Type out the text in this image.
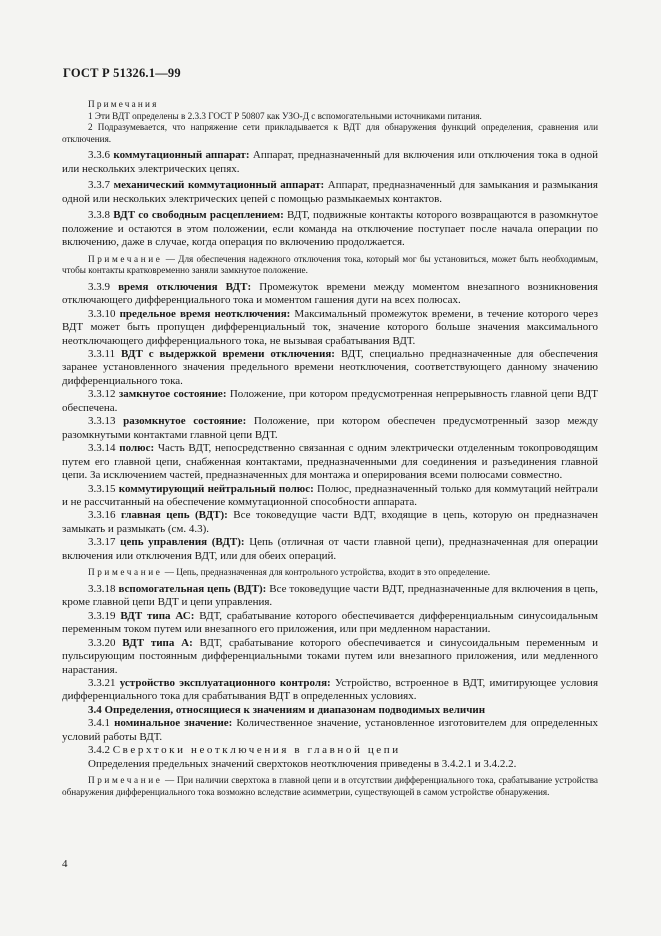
ГОСТ Р 51326.1—99

Примечания

1 Эти ВДТ определены в 2.3.3 ГОСТ Р 50807 как УЗО-Д с вспомогательными источниками питания.

2 Подразумевается, что напряжение сети прикладывается к ВДТ для обнаружения функций определения, сравнения или отключения.

3.3.6 коммутационный аппарат: Аппарат, предназначенный для включения или отключения тока в одной или нескольких электрических цепях.

3.3.7 механический коммутационный аппарат: Аппарат, предназначенный для замыкания и размыкания одной или нескольких электрических цепей с помощью размыкаемых контактов.

3.3.8 ВДТ со свободным расцеплением: ВДТ, подвижные контакты которого возвращаются в разомкнутое положение и остаются в этом положении, если команда на отключение поступает после начала операции по включению, даже в случае, когда операция по включению продолжается.

Примечание — Для обеспечения надежного отключения тока, который мог бы установиться, может быть необходимым, чтобы контакты кратковременно заняли замкнутое положение.

3.3.9 время отключения ВДТ: Промежуток времени между моментом внезапного возникновения отключающего дифференциального тока и моментом гашения дуги на всех полюсах.

3.3.10 предельное время неотключения: Максимальный промежуток времени, в течение которого через ВДТ может быть пропущен дифференциальный ток, значение которого больше значения максимального неотключающего дифференциального тока, не вызывая срабатывания ВДТ.

3.3.11 ВДТ с выдержкой времени отключения: ВДТ, специально предназначенные для обеспечения заранее установленного значения предельного времени неотключения, соответствующего данному значению дифференциального тока.

3.3.12 замкнутое состояние: Положение, при котором предусмотренная непрерывность главной цепи ВДТ обеспечена.

3.3.13 разомкнутое состояние: Положение, при котором обеспечен предусмотренный зазор между разомкнутыми контактами главной цепи ВДТ.

3.3.14 полюс: Часть ВДТ, непосредственно связанная с одним электрически отделенным токопроводящим путем его главной цепи, снабженная контактами, предназначенными для соединения и разъединения главной цепи. За исключением частей, предназначенных для монтажа и оперирования всеми полюсами совместно.

3.3.15 коммутирующий нейтральный полюс: Полюс, предназначенный только для коммутаций нейтрали и не рассчитанный на обеспечение коммутационной способности аппарата.

3.3.16 главная цепь (ВДТ): Все токоведущие части ВДТ, входящие в цепь, которую он предназначен замыкать и размыкать (см. 4.3).

3.3.17 цепь управления (ВДТ): Цепь (отличная от части главной цепи), предназначенная для операции включения или отключения ВДТ, или для обеих операций.

Примечание — Цепь, предназначенная для контрольного устройства, входит в это определение.

3.3.18 вспомогательная цепь (ВДТ): Все токоведущие части ВДТ, предназначенные для включения в цепь, кроме главной цепи ВДТ и цепи управления.

3.3.19 ВДТ типа АС: ВДТ, срабатывание которого обеспечивается дифференциальным синусоидальным переменным током путем или внезапного его приложения, или при медленном нарастании.

3.3.20 ВДТ типа А: ВДТ, срабатывание которого обеспечивается и синусоидальным переменным и пульсирующим постоянным дифференциальными токами путем или внезапного приложения, или медленного нарастания.

3.3.21 устройство эксплуатационного контроля: Устройство, встроенное в ВДТ, имитирующее условия дифференциального тока для срабатывания ВДТ в определенных условиях.

3.4 Определения, относящиеся к значениям и диапазонам подводимых величин

3.4.1 номинальное значение: Количественное значение, установленное изготовителем для определенных условий работы ВДТ.

3.4.2 Сверхтоки неотключения в главной цепи

Определения предельных значений сверхтоков неотключения приведены в 3.4.2.1 и 3.4.2.2.

Примечание — При наличии сверхтока в главной цепи и в отсутствии дифференциального тока, срабатывание устройства обнаружения дифференциального тока возможно вследствие асимметрии, существующей в самом устройстве обнаружения.

4
